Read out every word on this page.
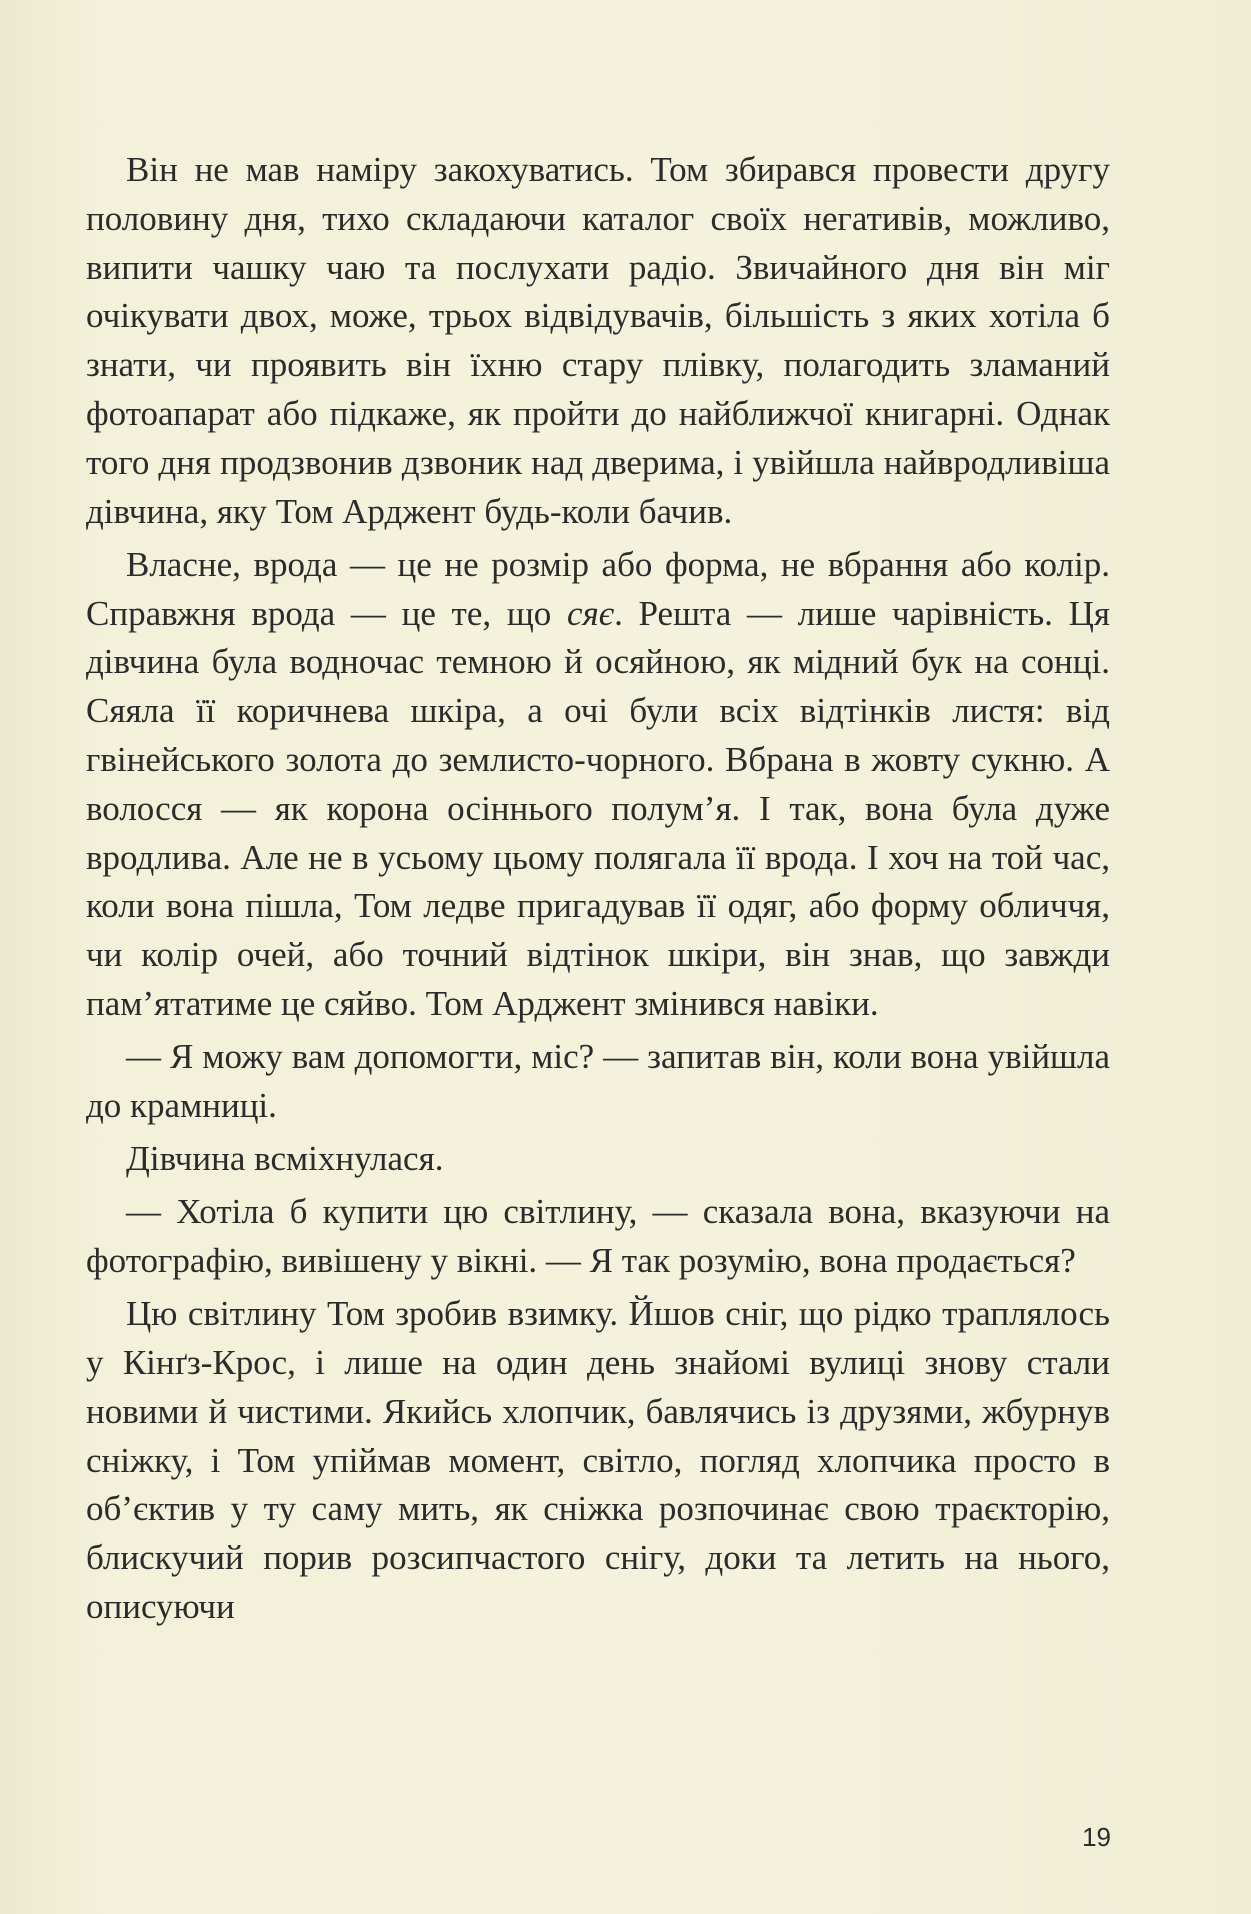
Він не мав наміру закохуватись. Том збирався провести другу половину дня, тихо складаючи каталог своїх негативів, можливо, випити чашку чаю та послухати радіо. Звичайного дня він міг очікувати двох, може, трьох відвідувачів, більшість з яких хотіла б знати, чи проявить він їхню стару плівку, полагодить зламаний фотоапарат або підкаже, як пройти до найближчої книгарні. Однак того дня продзвонив дзвоник над дверима, і увійшла найвродливіша дівчина, яку Том Арджент будь-коли бачив.

Власне, врода — це не розмір або форма, не вбрання або колір. Справжня врода — це те, що сяє. Решта — лише чарівність. Ця дівчина була водночас темною й осяйною, як мідний бук на сонці. Сяяла її коричнева шкіра, а очі були всіх відтінків листя: від гвінейського золота до землисто-чорного. Вбрана в жовту сукню. А волосся — як корона осіннього полум’я. І так, вона була дуже вродлива. Але не в усьому цьому полягала її врода. І хоч на той час, коли вона пішла, Том ледве пригадував її одяг, або форму обличчя, чи колір очей, або точний відтінок шкіри, він знав, що завжди пам’ятатиме це сяйво. Том Арджент змінився навіки.

— Я можу вам допомогти, міс? — запитав він, коли вона увійшла до крамниці.

Дівчина всміхнулася.

— Хотіла б купити цю світлину, — сказала вона, вказуючи на фотографію, вивішену у вікні. — Я так розумію, вона продається?

Цю світлину Том зробив взимку. Йшов сніг, що рідко траплялось у Кінґз-Крос, і лише на один день знайомі вулиці знову стали новими й чистими. Якийсь хлопчик, бавлячись із друзями, жбурнув сніжку, і Том упіймав момент, світло, погляд хлопчика просто в об’єктив у ту саму мить, як сніжка розпочинає свою траєкторію, блискучий порив розсипчастого снігу, доки та летить на нього, описуючи

19
